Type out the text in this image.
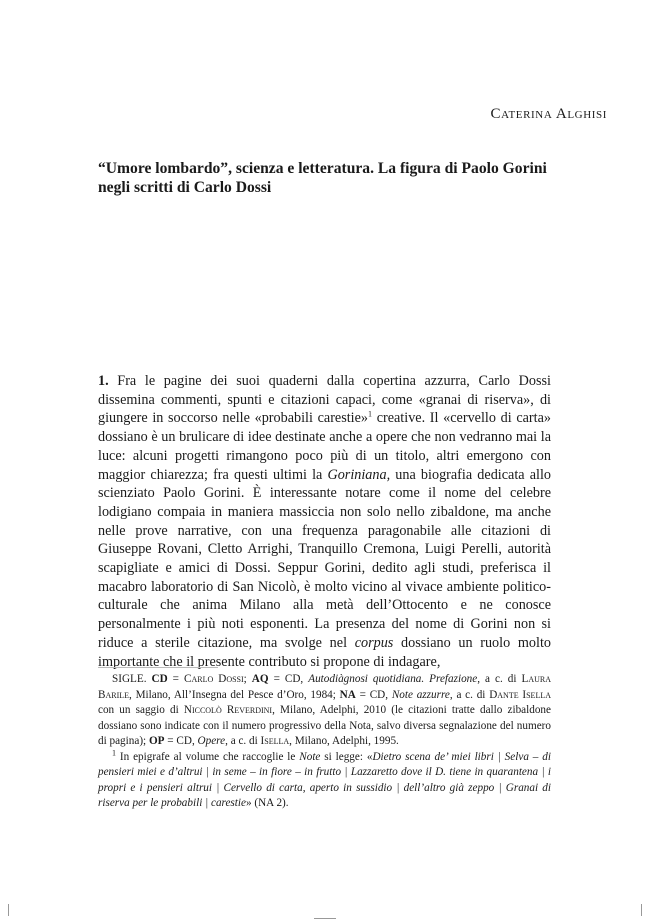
Caterina Alghisi
“Umore lombardo”, scienza e letteratura. La figura di Paolo Gorini negli scritti di Carlo Dossi

1. Fra le pagine dei suoi quaderni dalla copertina azzurra, Carlo Dossi dissemina commenti, spunti e citazioni capaci, come «granai di riserva», di giungere in soccorso nelle «probabili carestie»$^1$ creative. Il «cervello di carta» dossiano è un brulicare di idee destinate anche a opere che non vedranno mai la luce: alcuni progetti rimangono poco più di un titolo, altri emergono con maggior chiarezza; fra questi ultimi la Goriniana, una biografia dedicata allo scienziato Paolo Gorini. È interessante notare come il nome del celebre lodigiano compaia in maniera massiccia non solo nello zibaldone, ma anche nelle prove narrative, con una frequenza paragonabile alle citazioni di Giuseppe Rovani, Cletto Arrighi, Tranquillo Cremona, Luigi Perelli, autorità scapigliate e amici di Dossi. Seppur Gorini, dedito agli studi, preferisca il macabro laboratorio di San Nicolò, è molto vicino al vivace ambiente politico-culturale che anima Milano alla metà dell’Ottocento e ne conosce personalmente i più noti esponenti. La presenza del nome di Gorini non si riduce a sterile citazione, ma svolge nel corpus dossiano un ruolo molto importante che il presente contributo si propone di indagare,

SIGLE. CD = Carlo Dossi; AQ = CD, Autodiàgnosi quotidiana. Prefazione, a c. di Laura Barile, Milano, All’Insegna del Pesce d’Oro, 1984; NA = CD, Note azzurre, a c. di Dante Isella con un saggio di Niccolò Reverdini, Milano, Adelphi, 2010 (le citazioni tratte dallo zibaldone dossiano sono indicate con il numero progressivo della Nota, salvo diversa segnalazione del numero di pagina); OP = CD, Opere, a c. di Isella, Milano, Adelphi, 1995.

$^1$ In epigrafe al volume che raccoglie le Note si legge: «Dietro scena de’ miei libri | Selva – di pensieri miei e d’altrui | in seme – in fiore – in frutto | Lazzaretto dove il D. tiene in quarantena | i propri e i pensieri altrui | Cervello di carta, aperto in sussidio | dell’altro già zeppo | Granai di riserva per le probabili | carestie» (NA 2).
